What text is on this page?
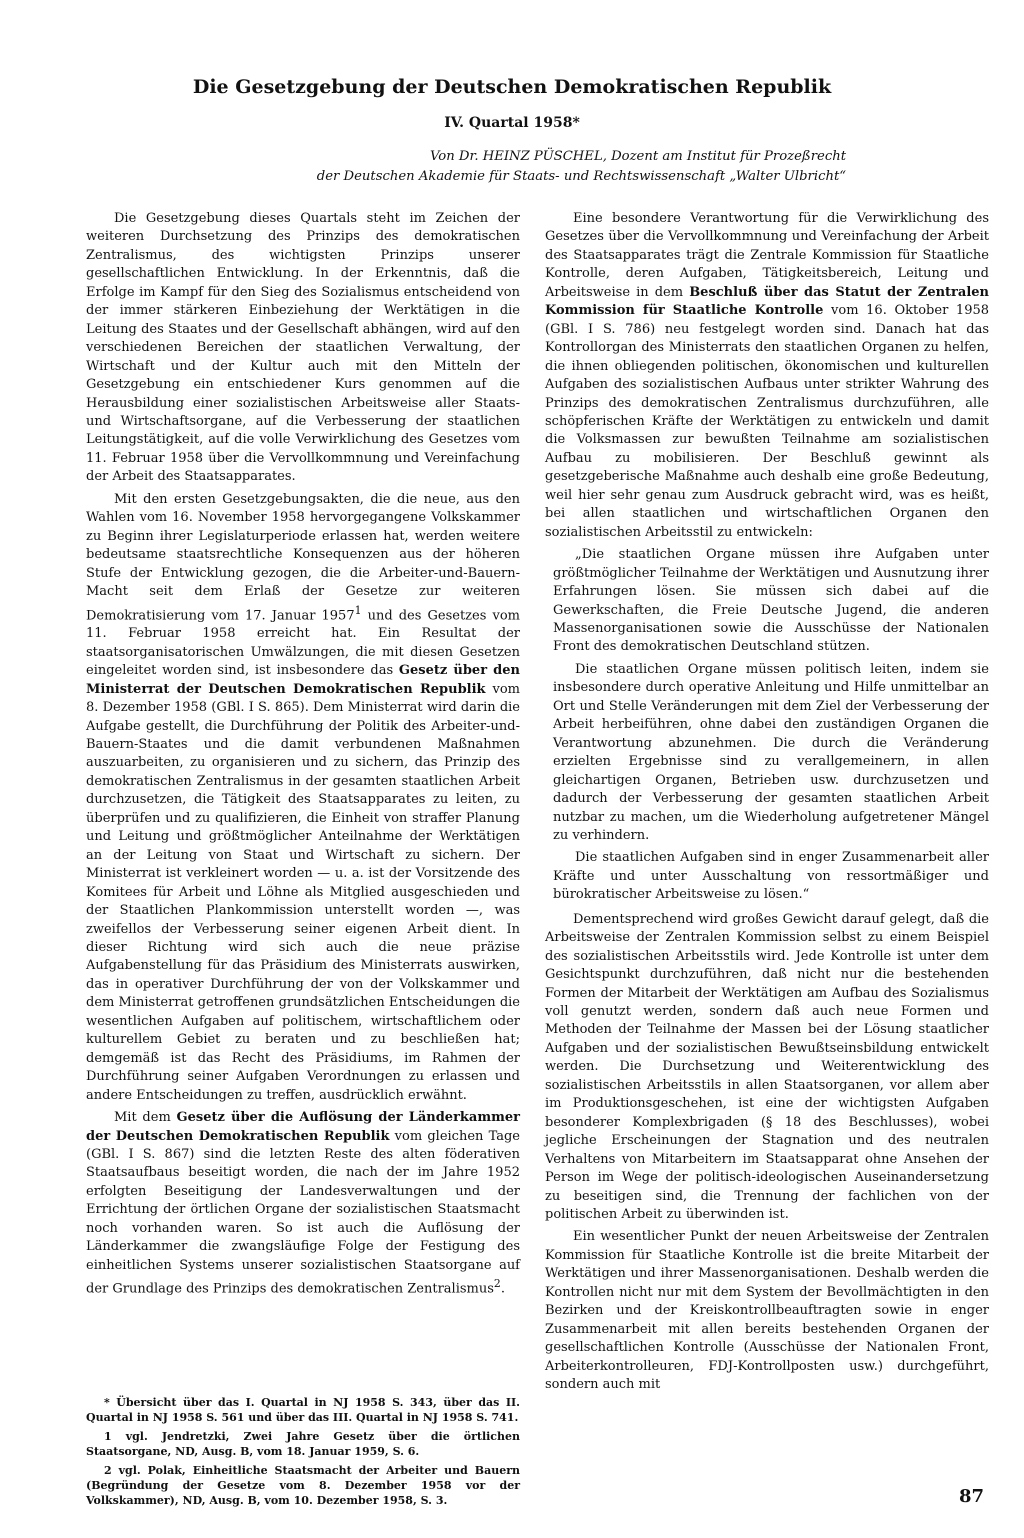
Die Gesetzgebung der Deutschen Demokratischen Republik
IV. Quartal 1958*
Von Dr. HEINZ PÜSCHEL, Dozent am Institut für Prozeßrecht
der Deutschen Akademie für Staats- und Rechtswissenschaft „Walter Ulbricht“

Die Gesetzgebung dieses Quartals steht im Zeichen der weiteren Durchsetzung des Prinzips des demokratischen Zentralismus, des wichtigsten Prinzips unserer gesellschaftlichen Entwicklung. In der Erkenntnis, daß die Erfolge im Kampf für den Sieg des Sozialismus entscheidend von der immer stärkeren Einbeziehung der Werktätigen in die Leitung des Staates und der Gesellschaft abhängen, wird auf den verschiedenen Bereichen der staatlichen Verwaltung, der Wirtschaft und der Kultur auch mit den Mitteln der Gesetzgebung ein entschiedener Kurs genommen auf die Herausbildung einer sozialistischen Arbeitsweise aller Staats- und Wirtschaftsorgane, auf die Verbesserung der staatlichen Leitungstätigkeit, auf die volle Verwirklichung des Gesetzes vom 11. Februar 1958 über die Vervollkommnung und Vereinfachung der Arbeit des Staatsapparates.

Mit den ersten Gesetzgebungsakten, die die neue, aus den Wahlen vom 16. November 1958 hervorgegangene Volkskammer zu Beginn ihrer Legislaturperiode erlassen hat, werden weitere bedeutsame staatsrechtliche Konsequenzen aus der höheren Stufe der Entwicklung gezogen, die die Arbeiter-und-Bauern-Macht seit dem Erlaß der Gesetze zur weiteren Demokratisierung vom 17. Januar 1957$^1$ und des Gesetzes vom 11. Februar 1958 erreicht hat. Ein Resultat der staatsorganisatorischen Umwälzungen, die mit diesen Gesetzen eingeleitet worden sind, ist insbesondere das Gesetz über den Ministerrat der Deutschen Demokratischen Republik vom 8. Dezember 1958 (GBl. I S. 865). Dem Ministerrat wird darin die Aufgabe gestellt, die Durchführung der Politik des Arbeiter-und-Bauern-Staates und die damit verbundenen Maßnahmen auszuarbeiten, zu organisieren und zu sichern, das Prinzip des demokratischen Zentralismus in der gesamten staatlichen Arbeit durchzusetzen, die Tätigkeit des Staatsapparates zu leiten, zu überprüfen und zu qualifizieren, die Einheit von straffer Planung und Leitung und größtmöglicher Anteilnahme der Werktätigen an der Leitung von Staat und Wirtschaft zu sichern. Der Ministerrat ist verkleinert worden — u. a. ist der Vorsitzende des Komitees für Arbeit und Löhne als Mitglied ausgeschieden und der Staatlichen Plankommission unterstellt worden —, was zweifellos der Verbesserung seiner eigenen Arbeit dient. In dieser Richtung wird sich auch die neue präzise Aufgabenstellung für das Präsidium des Ministerrats auswirken, das in operativer Durchführung der von der Volkskammer und dem Ministerrat getroffenen grundsätzlichen Entscheidungen die wesentlichen Aufgaben auf politischem, wirtschaftlichem oder kulturellem Gebiet zu beraten und zu beschließen hat; demgemäß ist das Recht des Präsidiums, im Rahmen der Durchführung seiner Aufgaben Verordnungen zu erlassen und andere Entscheidungen zu treffen, ausdrücklich erwähnt.

Mit dem Gesetz über die Auflösung der Länderkammer der Deutschen Demokratischen Republik vom gleichen Tage (GBl. I S. 867) sind die letzten Reste des alten föderativen Staatsaufbaus beseitigt worden, die nach der im Jahre 1952 erfolgten Beseitigung der Landesverwaltungen und der Errichtung der örtlichen Organe der sozialistischen Staatsmacht noch vorhanden waren. So ist auch die Auflösung der Länderkammer die zwangsläufige Folge der Festigung des einheitlichen Systems unserer sozialistischen Staatsorgane auf der Grundlage des Prinzips des demokratischen Zentralismus$^2$.

* Übersicht über das I. Quartal in NJ 1958 S. 343, über das II. Quartal in NJ 1958 S. 561 und über das III. Quartal in NJ 1958 S. 741.

1 vgl. Jendretzki, Zwei Jahre Gesetz über die örtlichen Staatsorgane, ND, Ausg. B, vom 18. Januar 1959, S. 6.

2 vgl. Polak, Einheitliche Staatsmacht der Arbeiter und Bauern (Begründung der Gesetze vom 8. Dezember 1958 vor der Volkskammer), ND, Ausg. B, vom 10. Dezember 1958, S. 3.

Eine besondere Verantwortung für die Verwirklichung des Gesetzes über die Vervollkommnung und Vereinfachung der Arbeit des Staatsapparates trägt die Zentrale Kommission für Staatliche Kontrolle, deren Aufgaben, Tätigkeitsbereich, Leitung und Arbeitsweise in dem Beschluß über das Statut der Zentralen Kommission für Staatliche Kontrolle vom 16. Oktober 1958 (GBl. I S. 786) neu festgelegt worden sind. Danach hat das Kontrollorgan des Ministerrats den staatlichen Organen zu helfen, die ihnen obliegenden politischen, ökonomischen und kulturellen Aufgaben des sozialistischen Aufbaus unter strikter Wahrung des Prinzips des demokratischen Zentralismus durchzuführen, alle schöpferischen Kräfte der Werktätigen zu entwickeln und damit die Volksmassen zur bewußten Teilnahme am sozialistischen Aufbau zu mobilisieren. Der Beschluß gewinnt als gesetzgeberische Maßnahme auch deshalb eine große Bedeutung, weil hier sehr genau zum Ausdruck gebracht wird, was es heißt, bei allen staatlichen und wirtschaftlichen Organen den sozialistischen Arbeitsstil zu entwickeln:

„Die staatlichen Organe müssen ihre Aufgaben unter größtmöglicher Teilnahme der Werktätigen und Ausnutzung ihrer Erfahrungen lösen. Sie müssen sich dabei auf die Gewerkschaften, die Freie Deutsche Jugend, die anderen Massenorganisationen sowie die Ausschüsse der Nationalen Front des demokratischen Deutschland stützen.

Die staatlichen Organe müssen politisch leiten, indem sie insbesondere durch operative Anleitung und Hilfe unmittelbar an Ort und Stelle Veränderungen mit dem Ziel der Verbesserung der Arbeit herbeiführen, ohne dabei den zuständigen Organen die Verantwortung abzunehmen. Die durch die Veränderung erzielten Ergebnisse sind zu verallgemeinern, in allen gleichartigen Organen, Betrieben usw. durchzusetzen und dadurch der Verbesserung der gesamten staatlichen Arbeit nutzbar zu machen, um die Wiederholung aufgetretener Mängel zu verhindern.

Die staatlichen Aufgaben sind in enger Zusammenarbeit aller Kräfte und unter Ausschaltung von ressortmäßiger und bürokratischer Arbeitsweise zu lösen.“

Dementsprechend wird großes Gewicht darauf gelegt, daß die Arbeitsweise der Zentralen Kommission selbst zu einem Beispiel des sozialistischen Arbeitsstils wird. Jede Kontrolle ist unter dem Gesichtspunkt durchzuführen, daß nicht nur die bestehenden Formen der Mitarbeit der Werktätigen am Aufbau des Sozialismus voll genutzt werden, sondern daß auch neue Formen und Methoden der Teilnahme der Massen bei der Lösung staatlicher Aufgaben und der sozialistischen Bewußtseinsbildung entwickelt werden. Die Durchsetzung und Weiterentwicklung des sozialistischen Arbeitsstils in allen Staatsorganen, vor allem aber im Produktionsgeschehen, ist eine der wichtigsten Aufgaben besonderer Komplexbrigaden (§ 18 des Beschlusses), wobei jegliche Erscheinungen der Stagnation und des neutralen Verhaltens von Mitarbeitern im Staatsapparat ohne Ansehen der Person im Wege der politisch-ideologischen Auseinandersetzung zu beseitigen sind, die Trennung der fachlichen von der politischen Arbeit zu überwinden ist.

Ein wesentlicher Punkt der neuen Arbeitsweise der Zentralen Kommission für Staatliche Kontrolle ist die breite Mitarbeit der Werktätigen und ihrer Massenorganisationen. Deshalb werden die Kontrollen nicht nur mit dem System der Bevollmächtigten in den Bezirken und der Kreiskontrollbeauftragten sowie in enger Zusammenarbeit mit allen bereits bestehenden Organen der gesellschaftlichen Kontrolle (Ausschüsse der Nationalen Front, Arbeiterkontrolleuren, FDJ-Kontrollposten usw.) durchgeführt, sondern auch mit

87
